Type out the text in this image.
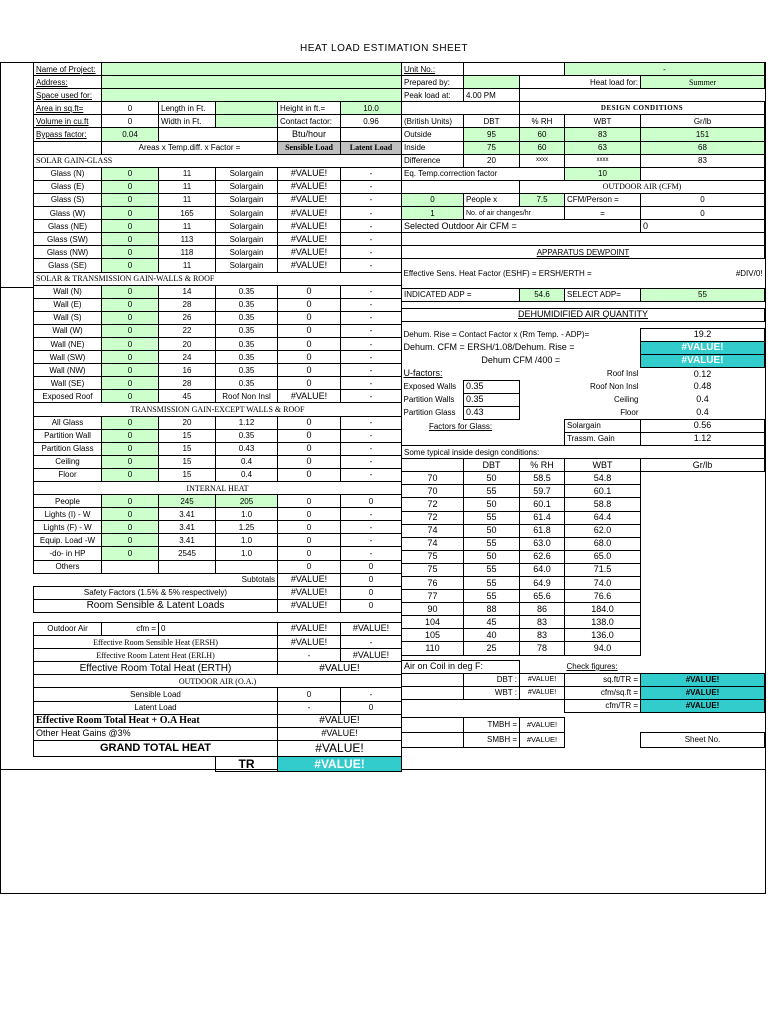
HEAT LOAD ESTIMATION SHEET
Name of Project:					
Address:					
Space used for:					
Area in sq.ft=	0	Length in Ft.		Height in ft.=	10.0
Volume in cu.ft	0	Width in Ft.		Contact factor:	0.96
Bypass factor:	0.04			Btu/hour	
	Areas x Temp.diff. x Factor =			Sensible Load	Latent Load
SOLAR GAIN-GLASS					
Glass (N)	0	11	Solargain	#VALUE!	-
Glass (E)	0	11	Solargain	#VALUE!	-
Glass (S)	0	11	Solargain	#VALUE!	-
Glass (W)	0	165	Solargain	#VALUE!	-
Glass (NE)	0	11	Solargain	#VALUE!	-
Glass (SW)	0	113	Solargain	#VALUE!	-
Glass (NW)	0	118	Solargain	#VALUE!	-
Glass (SE)	0	11	Solargain	#VALUE!	-
SOLAR & TRANSMISSION GAIN-WALLS & ROOF					
Wall (N)	0	14	0.35	0	-
Wall (E)	0	28	0.35	0	-
Wall (S)	0	26	0.35	0	-
Wall (W)	0	22	0.35	0	-
Wall (NE)	0	20	0.35	0	-
Wall (SW)	0	24	0.35	0	-
Wall (NW)	0	16	0.35	0	-
Wall (SE)	0	28	0.35	0	-
Exposed Roof	0	45	Roof Non Insl	#VALUE!	-
TRANSMISSION GAIN-EXCEPT WALLS & ROOF					
All Glass	0	20	1.12	0	-
Partition Wall	0	15	0.35	0	-
Partition Glass	0	15	0.43	0	-
Ceiling	0	15	0.4	0	-
Floor	0	15	0.4	0	-
INTERNAL HEAT					
People	0	245	205	0	0
Lights (I) - W	0	3.41	1.0	0	-
Lights (F) - W	0	3.41	1.25	0	-
Equip. Load -W	0	3.41	1.0	0	-
-do- in HP	0	2545	1.0	0	-
Others				0	0
Subtotals				#VALUE!	0
Safety Factors (1.5% & 5% respectively)				#VALUE!	0
Room Sensible & Latent Loads				#VALUE!	0

Outdoor Air	cfm =	0		#VALUE!	#VALUE!
Effective Room Sensible Heat (ERSH)				#VALUE!	-
Effective Room Latent Heat (ERLH)				-	#VALUE!
Effective Room Total Heat (ERTH)				#VALUE!	
OUTDOOR AIR (O.A.)					
Sensible Load				0	-
Latent Load				-	0
Effective Room Total Heat + O.A Heat				#VALUE!	
Other Heat Gains @3%				#VALUE!	
GRAND TOTAL HEAT				#VALUE!	
			TR	#VALUE!	
Unit No.:			-	
Prepared by:		Heat load for:		Summer
Peak load at:	4.00 PM			
		DESIGN CONDITIONS		
(British Units)	DBT	% RH	WBT	Gr/lb
Outside	95	60	83	151
Inside	75	60	63	68
Difference	20	xxxx	xxxx	83
Eq. Temp.correction factor			10	
		OUTDOOR AIR (CFM)		
0	People x	7.5	CFM/Person =	0
1	No. of air changes/hr		=	0
Selected Outdoor Air CFM =				0

APPARATUS DEWPOINT				

Effective Sens. Heat Factor (ESHF) = ERSH/ERTH =				#DIV/0!

INDICATED ADP =		54.6	SELECT ADP=	55

DEHUMIDIFIED AIR QUANTITY				

Dehum. Rise = Contact Factor x (Rm Temp. - ADP)=				19.2
Dehum. CFM = ERSH/1.08/Dehum. Rise =				#VALUE!
Dehum CFM /400 =				#VALUE!
U-factors:		Roof Insl		0.12
Exposed Walls	0.35	Roof Non Insl		0.48
Partition Walls	0.35	Ceiling		0.4
Partition Glass	0.43	Floor		0.4
Factors for Glass:			Solargain	0.56
			Trassm. Gain	1.12
Some typical inside design conditions:				

	DBT	% RH	WBT	Gr/lb
70	50	58.5	54.8	
70	55	59.7	60.1	
72	50	60.1	58.8	
72	55	61.4	64.4	
74	50	61.8	62.0	
74	55	63.0	68.0	
75	50	62.6	65.0	
75	55	64.0	71.5	
76	55	64.9	74.0	
77	55	65.6	76.6	
90	88	86	184.0	
104	45	83	138.0	
105	40	83	136.0	
110	25	78	94.0	

Air on Coil in deg F:			Check figures:	
	DBT :	#VALUE!	sq.ft/TR =	#VALUE!
	WBT :	#VALUE!	cfm/sq.ft =	#VALUE!
			cfm/TR =	#VALUE!

	TMBH =	#VALUE!		
	SMBH =	#VALUE!		Sheet No.
